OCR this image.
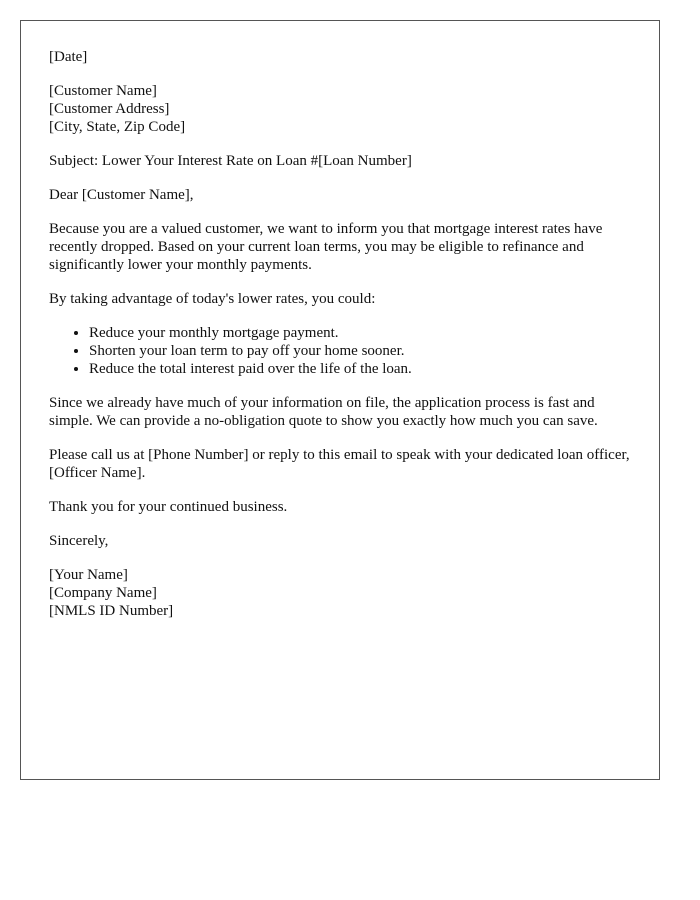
[Date]
[Customer Name]
[Customer Address]
[City, State, Zip Code]
Subject: Lower Your Interest Rate on Loan #[Loan Number]
Dear [Customer Name],
Because you are a valued customer, we want to inform you that mortgage interest rates have recently dropped. Based on your current loan terms, you may be eligible to refinance and significantly lower your monthly payments.
By taking advantage of today's lower rates, you could:
• Reduce your monthly mortgage payment.
• Shorten your loan term to pay off your home sooner.
• Reduce the total interest paid over the life of the loan.
Since we already have much of your information on file, the application process is fast and simple. We can provide a no-obligation quote to show you exactly how much you can save.
Please call us at [Phone Number] or reply to this email to speak with your dedicated loan officer, [Officer Name].
Thank you for your continued business.
Sincerely,
[Your Name]
[Company Name]
[NMLS ID Number]
